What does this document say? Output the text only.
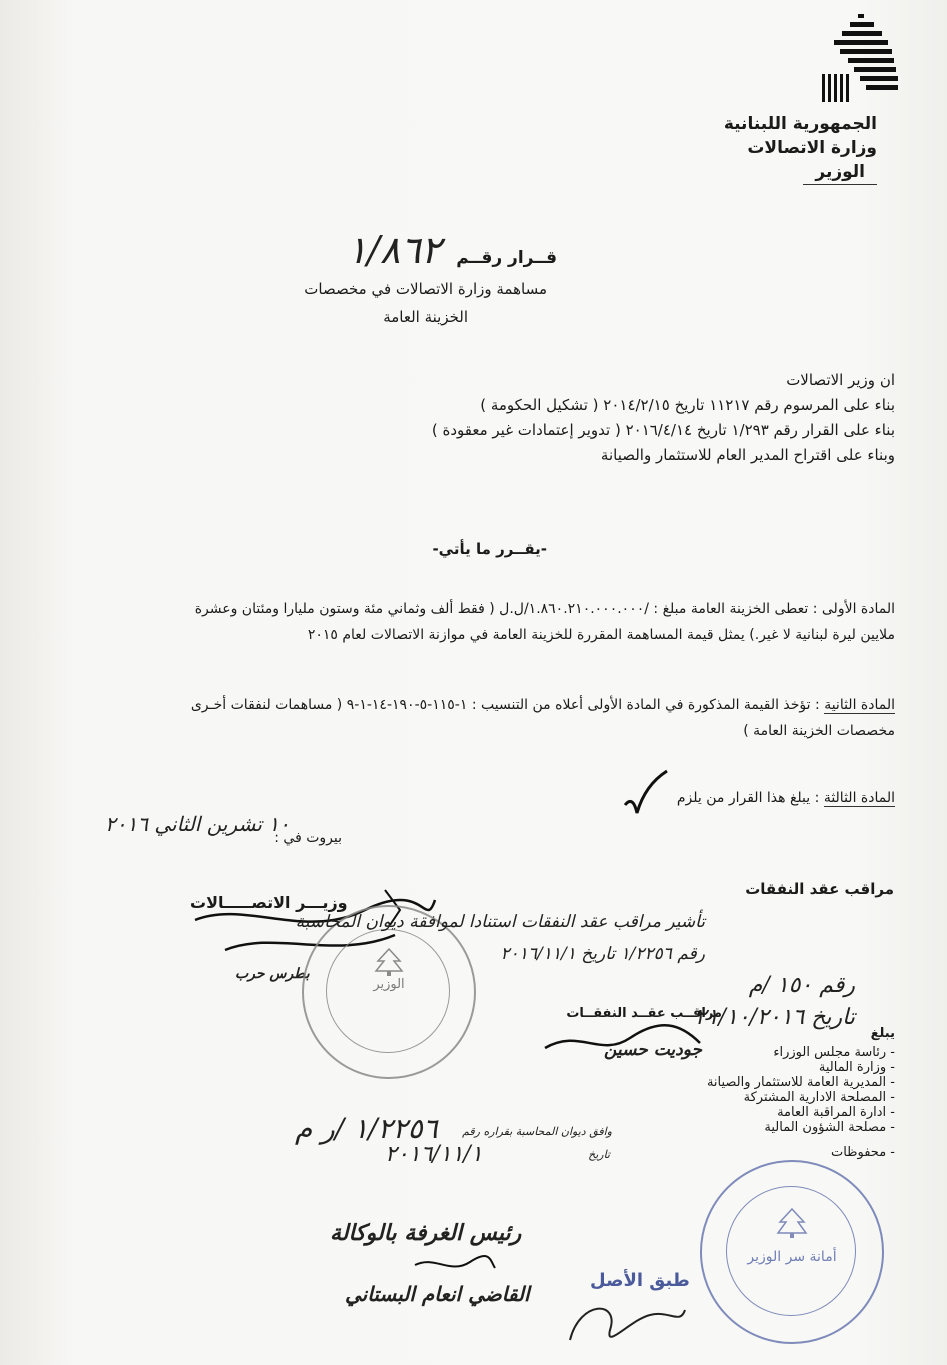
الجمهورية اللبنانية
وزارة الاتصالات
الوزير
قــرار رقــم ١/٨٦٢
مساهمة وزارة الاتصالات في مخصصات
الخزينة العامة
ان وزير الاتصالات
بناء على المرسوم رقم ١١٢١٧ تاريخ ٢٠١٤/٢/١٥ ( تشكيل الحكومة )
بناء على القرار رقم ١/٢٩٣ تاريخ ٢٠١٦/٤/١٤ ( تدوير إعتمادات غير معقودة )
وبناء على اقتراح المدير العام للاستثمار والصيانة
-يقــرر ما يأتي-
المادة الأولى : تعطى الخزينة العامة مبلغ : /١.٨٦٠.٢١٠.٠٠٠.٠٠٠/ل.ل ( فقط ألف وثماني مئة وستون مليارا ومئتان وعشرة
ملايين ليرة لبنانية لا غير.) يمثل قيمة المساهمة المقررة للخزينة العامة في موازنة الاتصالات لعام ٢٠١٥
المادة الثانية : تؤخذ القيمة المذكورة في المادة الأولى أعلاه من التنسيب : ١-١١٥-٥-١٩٠-١٤-١-٩ ( مساهمات لنفقات أخـرى
مخصصات الخزينة العامة )
المادة الثالثة : يبلغ هذا القرار من يلزم
بيروت في :
١٠ تشرين الثاني ٢٠١٦
وزيـــر الاتصـــــالات
بطرس حرب
الوزير
مراقب عقد النفقات
تأشير مراقب عقد النفقات استنادا لموافقة ديوان المحاسبة
رقم ١/٢٢٥٦ تاريخ ٢٠١٦/١١/١
رقم ١٥٠ /م
تاريخ ٢١/١٠/٢٠١٦
مراقــب عقــد النفقــات
جوديت حسين
يبلغ
- رئاسة مجلس الوزراء
- وزارة المالية
- المديرية العامة للاستثمار والصيانة
- المصلحة الادارية المشتركة
- ادارة المراقبة العامة
- مصلحة الشؤون المالية
- محفوظات
وافق ديوان المحاسبة بقراره رقم
١/٢٢٥٦ /ر م
تاريخ
٢٠١٦/١١/١
رئيس الغرفة بالوكالة
القاضي انعام البستاني
طبق الأصل
أمانة سر الوزير
